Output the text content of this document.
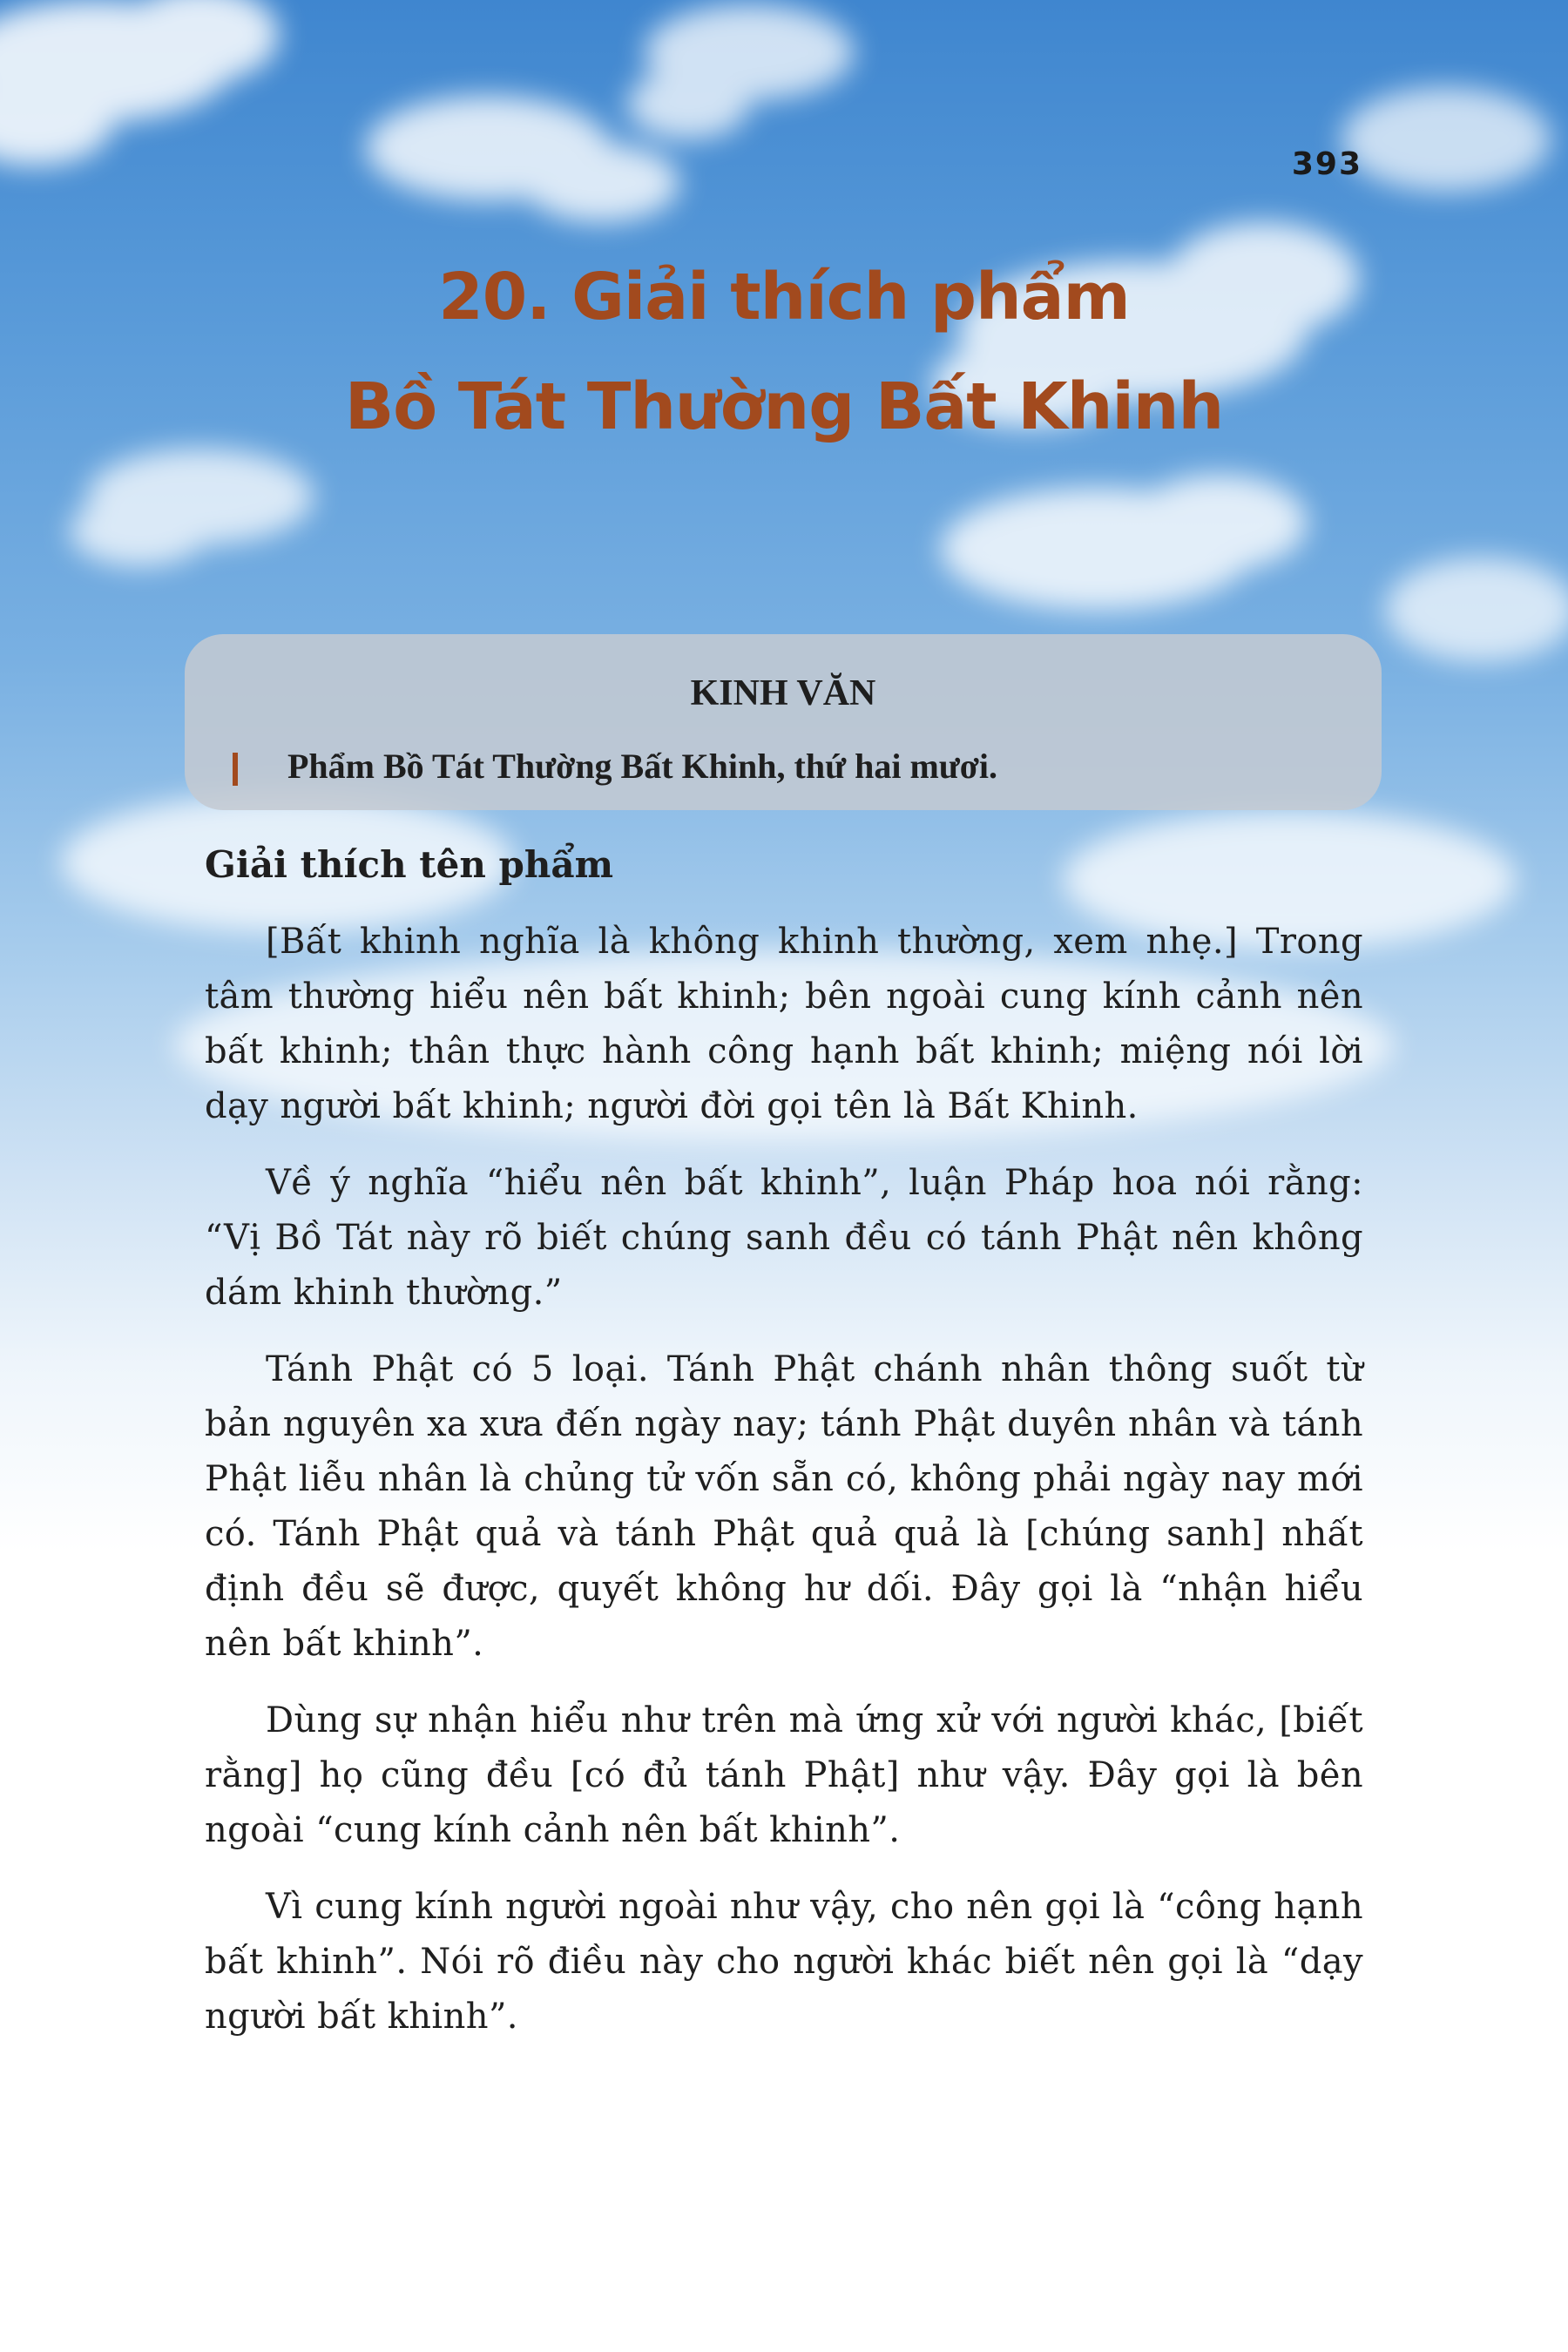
393
20. Giải thích phẩm
Bồ Tát Thường Bất Khinh
KINH VĂN
Phẩm Bồ Tát Thường Bất Khinh, thứ hai mươi.
Giải thích tên phẩm

[Bất khinh nghĩa là không khinh thường, xem nhẹ.] Trong tâm thường hiểu nên bất khinh; bên ngoài cung kính cảnh nên bất khinh; thân thực hành công hạnh bất khinh; miệng nói lời dạy người bất khinh; người đời gọi tên là Bất Khinh.

Về ý nghĩa “hiểu nên bất khinh”, luận Pháp hoa nói rằng: “Vị Bồ Tát này rõ biết chúng sanh đều có tánh Phật nên không dám khinh thường.”

Tánh Phật có 5 loại. Tánh Phật chánh nhân thông suốt từ bản nguyên xa xưa đến ngày nay; tánh Phật duyên nhân và tánh Phật liễu nhân là chủng tử vốn sẵn có, không phải ngày nay mới có. Tánh Phật quả và tánh Phật quả quả là [chúng sanh] nhất định đều sẽ được, quyết không hư dối. Đây gọi là “nhận hiểu nên bất khinh”.

Dùng sự nhận hiểu như trên mà ứng xử với người khác, [biết rằng] họ cũng đều [có đủ tánh Phật] như vậy. Đây gọi là bên ngoài “cung kính cảnh nên bất khinh”.

Vì cung kính người ngoài như vậy, cho nên gọi là “công hạnh bất khinh”. Nói rõ điều này cho người khác biết nên gọi là “dạy người bất khinh”.
